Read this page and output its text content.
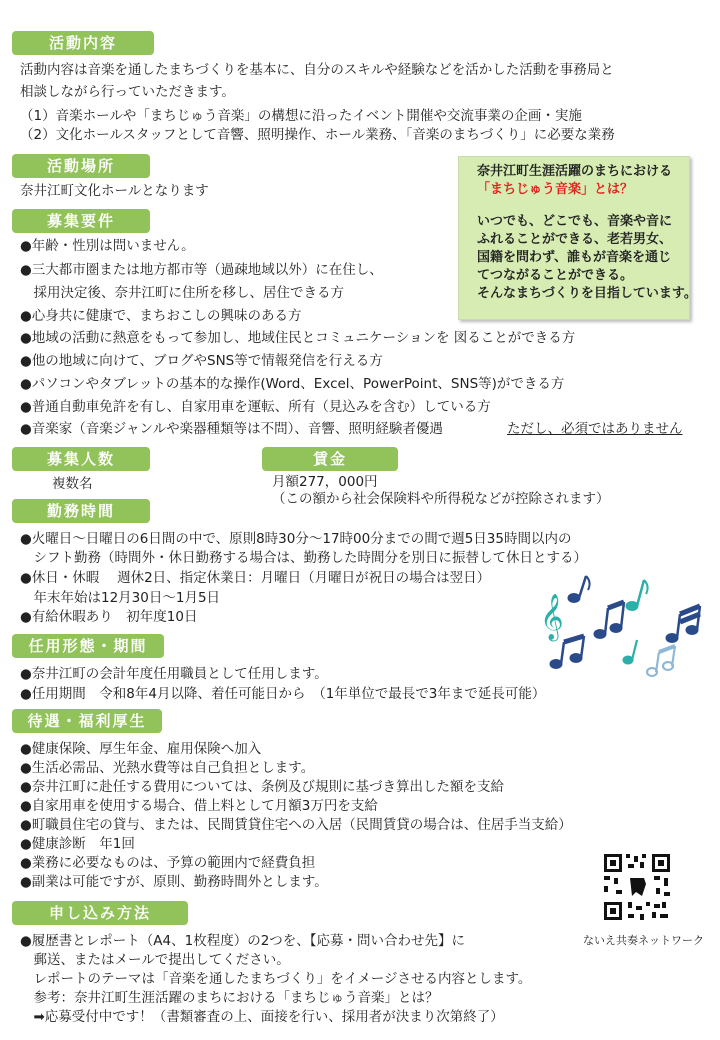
活動内容
活動内容は音楽を通したまちづくりを基本に、自分のスキルや経験などを活かした活動を事務局と
相談しながら行っていただきます。
（1）音楽ホールや「まちじゅう音楽」の構想に沿ったイベント開催や交流事業の企画・実施
（2）文化ホールスタッフとして音響、照明操作、ホール業務、「音楽のまちづくり」に必要な業務
活動場所
奈井江町文化ホールとなります
奈井江町生涯活躍のまちにおける
「まちじゅう音楽」とは？
いつでも、どこでも、音楽や音に
ふれることができる、老若男女、
国籍を問わず、誰もが音楽を通じ
てつながることができる。
そんなまちづくりを目指しています。
募集要件
●年齢・性別は問いません。
●三大都市圏または地方都市等（過疎地域以外）に在住し、
　採用決定後、奈井江町に住所を移し、居住できる方
●心身共に健康で、まちおこしの興味のある方
●地域の活動に熱意をもって参加し、地域住民とコミュニケーションを 図ることができる方
●他の地域に向けて、ブログやSNS等で情報発信を行える方
●パソコンやタブレットの基本的な操作(Word、Excel、PowerPoint、SNS等)ができる方
●普通自動車免許を有し、自家用車を運転、所有（見込みを含む）している方
●音楽家（音楽ジャンルや楽器種類等は不問）、音響、照明経験者優遇	ただし、必須ではありません
募集人数
複数名
賃金
月額277，000円
（この額から社会保険料や所得税などが控除されます）
勤務時間
●火曜日～日曜日の6日間の中で、原則8時30分～17時00分までの間で週5日35時間以内の
　シフト勤務（時間外・休日勤務する場合は、勤務した時間分を別日に振替して休日とする）
●休日・休暇　 週休2日、指定休業日：月曜日（月曜日が祝日の場合は翌日）
　年末年始は12月30日～1月5日
●有給休暇あり　初年度10日	𝄞
任用形態・期間
●奈井江町の会計年度任用職員として任用します。
●任用期間　令和8年4月以降、着任可能日から　（1年単位で最長で3年まで延長可能）
待遇・福利厚生
●健康保険、厚生年金、雇用保険へ加入
●生活必需品、光熱水費等は自己負担とします。
●奈井江町に赴任する費用については、条例及び規則に基づき算出した額を支給
●自家用車を使用する場合、借上料として月額3万円を支給
●町職員住宅の貸与、または、民間賃貸住宅への入居（民間賃貸の場合は、住居手当支給）
●健康診断　年1回
●業務に必要なものは、予算の範囲内で経費負担
●副業は可能ですが、原則、勤務時間外とします。
ないえ共奏ネットワーク
申し込み方法
●履歴書とレポート（A4、1枚程度）の2つを、【応募・問い合わせ先】に
　郵送、またはメールで提出してください。
　レポートのテーマは「音楽を通したまちづくり」をイメージさせる内容とします。
　参考：奈井江町生涯活躍のまちにおける「まちじゅう音楽」とは？
　➡応募受付中です！（書類審査の上、面接を行い、採用者が決まり次第終了）
